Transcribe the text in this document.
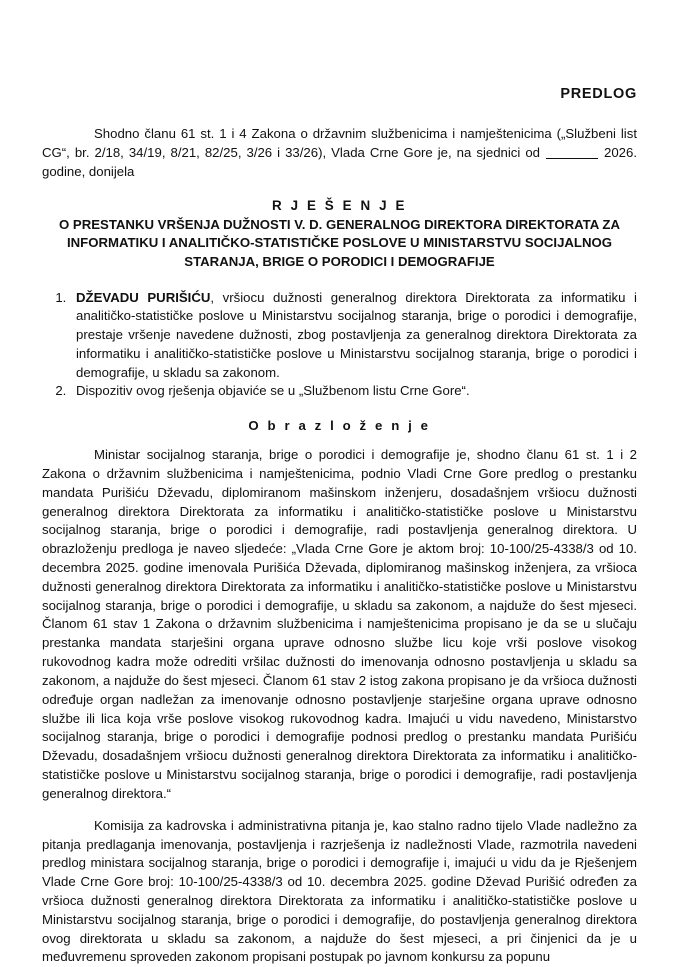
PREDLOG

Shodno članu 61 st. 1 i 4 Zakona o državnim službenicima i namještenicima („Službeni list CG“, br. 2/18, 34/19, 8/21, 82/25, 3/26 i 33/26), Vlada Crne Gore je, na sjednici od	2026. godine, donijela

R J E Š E N J E
O PRESTANKU VRŠENJA DUŽNOSTI V. D. GENERALNOG DIREKTORA DIREKTORATA ZA INFORMATIKU I ANALITIČKO-STATISTIČKE POSLOVE U MINISTARSTVU SOCIJALNOG STARANJA, BRIGE O PORODICI I DEMOGRAFIJE
1. DŽEVADU PURIŠIĆU, vršiocu dužnosti generalnog direktora Direktorata za informatiku i analitičko-statističke poslove u Ministarstvu socijalnog staranja, brige o porodici i demografije, prestaje vršenje navedene dužnosti, zbog postavljenja za generalnog direktora Direktorata za informatiku i analitičko-statističke poslove u Ministarstvu socijalnog staranja, brige o porodici i demografije, u skladu sa zakonom.
2. Dispozitiv ovog rješenja objaviće se u „Službenom listu Crne Gore“.
O b r a z l o ž e n j e

Ministar socijalnog staranja, brige o porodici i demografije je, shodno članu 61 st. 1 i 2 Zakona o državnim službenicima i namještenicima, podnio Vladi Crne Gore predlog o prestanku mandata Purišiću Dževadu, diplomiranom mašinskom inženjeru, dosadašnjem vršiocu dužnosti generalnog direktora Direktorata za informatiku i analitičko-statističke poslove u Ministarstvu socijalnog staranja, brige o porodici i demografije, radi postavljenja generalnog direktora. U obrazloženju predloga je naveo sljedeće: „Vlada Crne Gore je aktom broj: 10-100/25-4338/3 od 10. decembra 2025. godine imenovala Purišića Dževada, diplomiranog mašinskog inženjera, za vršioca dužnosti generalnog direktora Direktorata za informatiku i analitičko-statističke poslove u Ministarstvu socijalnog staranja, brige o porodici i demografije, u skladu sa zakonom, a najduže do šest mjeseci. Članom 61 stav 1 Zakona o državnim službenicima i namještenicima propisano je da se u slučaju prestanka mandata starješini organa uprave odnosno službe licu koje vrši poslove visokog rukovodnog kadra može odrediti vršilac dužnosti do imenovanja odnosno postavljenja u skladu sa zakonom, a najduže do šest mjeseci. Članom 61 stav 2 istog zakona propisano je da vršioca dužnosti određuje organ nadležan za imenovanje odnosno postavljenje starješine organa uprave odnosno službe ili lica koja vrše poslove visokog rukovodnog kadra. Imajući u vidu navedeno, Ministarstvo socijalnog staranja, brige o porodici i demografije podnosi predlog o prestanku mandata Purišiću Dževadu, dosadašnjem vršiocu dužnosti generalnog direktora Direktorata za informatiku i analitičko-statističke poslove u Ministarstvu socijalnog staranja, brige o porodici i demografije, radi postavljenja generalnog direktora.“

Komisija za kadrovska i administrativna pitanja je, kao stalno radno tijelo Vlade nadležno za pitanja predlaganja imenovanja, postavljenja i razrješenja iz nadležnosti Vlade, razmotrila navedeni predlog ministara socijalnog staranja, brige o porodici i demografije i, imajući u vidu da je Rješenjem Vlade Crne Gore broj: 10-100/25-4338/3 od 10. decembra 2025. godine Dževad Purišić određen za vršioca dužnosti generalnog direktora Direktorata za informatiku i analitičko-statističke poslove u Ministarstvu socijalnog staranja, brige o porodici i demografije, do postavljenja generalnog direktora ovog direktorata u skladu sa zakonom, a najduže do šest mjeseci, a pri činjenici da je u međuvremenu sproveden zakonom propisani postupak po javnom konkursu za popunu
